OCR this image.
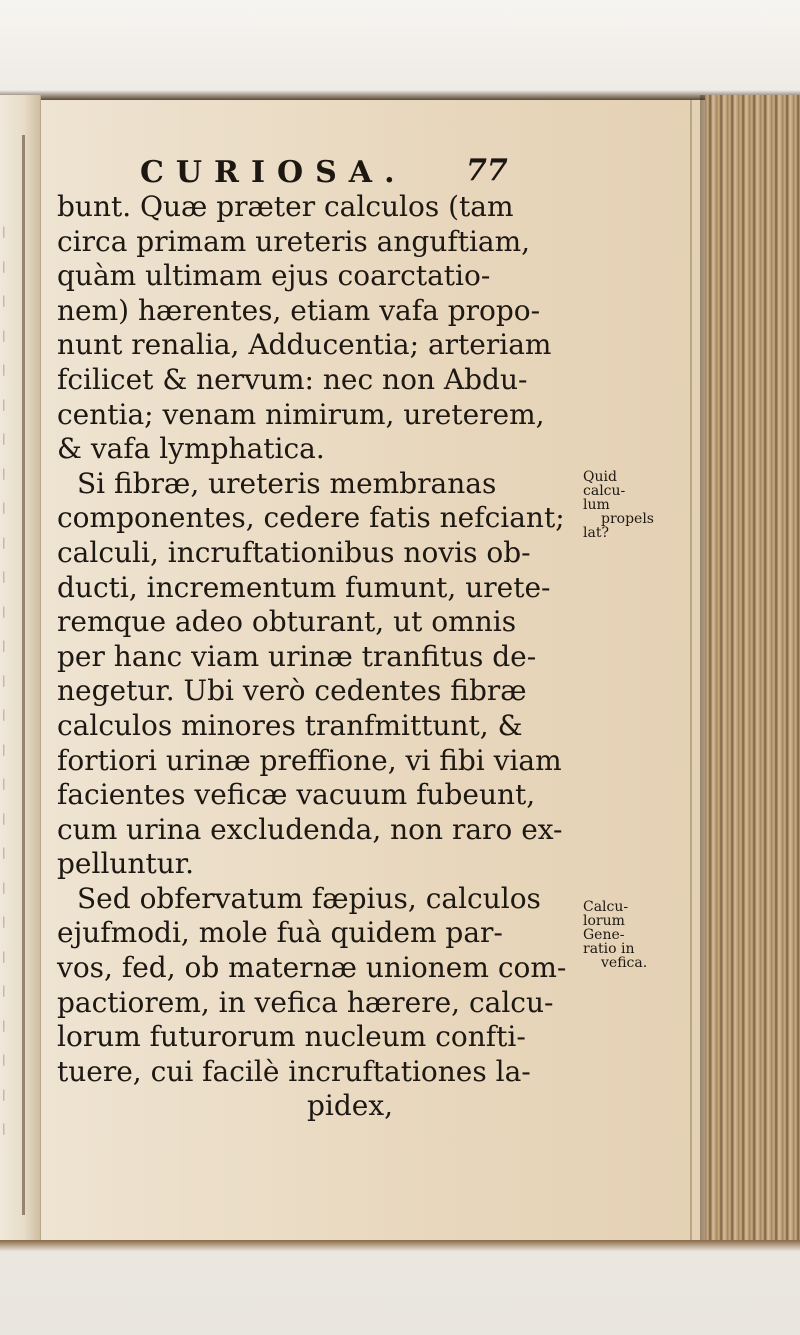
|
|
|
|
|
|
|
|
|
|
|
|
|
|
|
|
|
|
|
|
|
|
|
|
|
|
|
CURIOSA. 77
bunt. Quæ præter calculos (tam
circa primam ureteris anguftiam,
quàm ultimam ejus coarctatio-
nem) hærentes, etiam vafa propo-
nunt renalia, Adducentia; arteriam
fcilicet & nervum: nec non Abdu-
centia; venam nimirum, ureterem,
& vafa lymphatica.
Si fibræ, ureteris membranas
componentes, cedere fatis nefciant;
calculi, incruftationibus novis ob-
ducti, incrementum fumunt, urete-
remque adeo obturant, ut omnis
per hanc viam urinæ tranfitus de-
negetur. Ubi verò cedentes fibræ
calculos minores tranfmittunt, &
fortiori urinæ preffione, vi fibi viam
facientes veficæ vacuum fubeunt,
cum urina excludenda, non raro ex-
pelluntur.
Sed obfervatum fæpius, calculos
ejufmodi, mole fuà quidem par-
vos, fed, ob maternæ unionem com-
pactiorem, in vefica hærere, calcu-
lorum futurorum nucleum confti-
tuere, cui facilè incruftationes la-
pidex,
Quid
calcu-
lum
propels
lat?
Calcu-
lorum
Gene-
ratio in
vefica.
